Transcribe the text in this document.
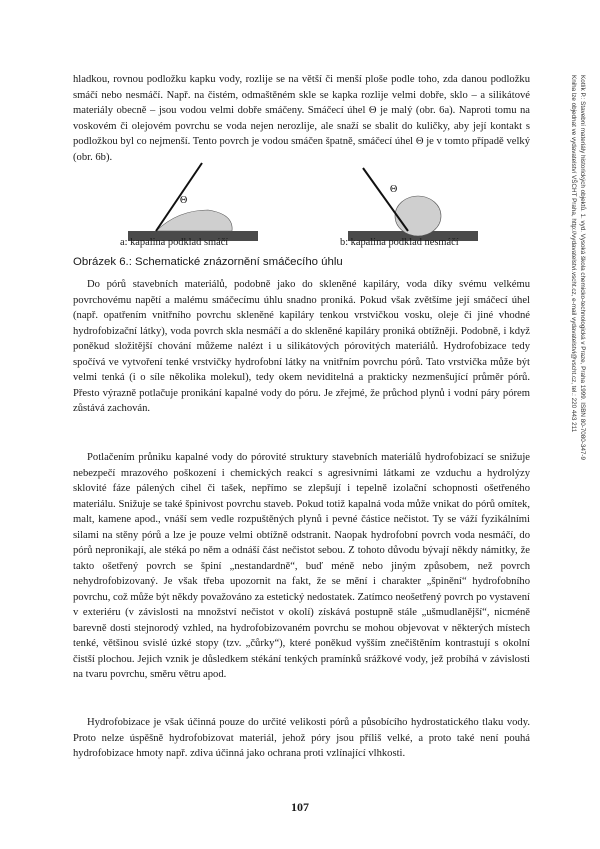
hladkou, rovnou podložku kapku vody, rozlije se na větší či menší ploše podle toho, zda danou podložku smáčí nebo nesmáčí. Např. na čistém, odmaštěném skle se kapka rozlije velmi dobře, sklo – a silikátové materiály obecně – jsou vodou velmi dobře smáčeny. Smáčecí úhel Θ je malý (obr. 6a). Naproti tomu na voskovém či olejovém povrchu se voda nejen nerozlije, ale snaží se sbalit do kuličky, aby její kontakt s podložkou byl co nejmenší. Tento povrch je vodou smáčen špatně, smáčecí úhel Θ je v tomto případě velký (obr. 6b).

Θ
Θ
a: kapalina podklad smáčí	b: kapalina podklad nesmáčí
Obrázek 6.: Schematické znázornění smáčecího úhlu

Do pórů stavebních materiálů, podobně jako do skleněné kapiláry, voda díky svému velkému povrchovému napětí a malému smáčecímu úhlu snadno proniká. Pokud však zvětšíme její smáčecí úhel (např. opatřením vnitřního povrchu skleněné kapiláry tenkou vrstvičkou vosku, oleje či jiné vhodné hydrofobizační látky), voda povrch skla nesmáčí a do skleněné kapiláry proniká obtížněji. Podobně, i když poněkud složitější chování můžeme nalézt i u silikátových pórovitých materiálů. Hydrofobizace tedy spočívá ve vytvoření tenké vrstvičky hydrofobní látky na vnitřním povrchu pórů. Tato vrstvička může být velmi tenká (i o síle několika molekul), tedy okem neviditelná a prakticky nezmenšující průměr pórů. Přesto výrazně potlačuje pronikání kapalné vody do póru. Je zřejmé, že průchod plynů i vodní páry pórem zůstává zachován.

Potlačením průniku kapalné vody do pórovité struktury stavebních materiálů hydrofobizací se snižuje nebezpečí mrazového poškození i chemických reakcí s agresivními látkami ze vzduchu a hydrolýzy sklovité fáze pálených cihel či tašek, nepřímo se zlepšují i tepelně izolační schopnosti ošetřeného materiálu. Snižuje se také špinivost povrchu staveb. Pokud totiž kapalná voda může vnikat do pórů omítek, malt, kamene apod., vnáší sem vedle rozpuštěných plynů i pevné částice nečistot. Ty se váží fyzikálními silami na stěny pórů a lze je pouze velmi obtížně odstranit. Naopak hydrofobní povrch voda nesmáčí, do pórů nepronikají, ale stéká po něm a odnáší část nečistot sebou. Z tohoto důvodu bývají někdy námitky, že takto ošetřený povrch se špiní „nestandardně“, buď méně nebo jiným způsobem, než povrch nehydrofobizovaný. Je však třeba upozornit na fakt, že se mění i charakter „špinění“ hydrofobního povrchu, což může být někdy považováno za estetický nedostatek. Zatímco neošetřený povrch po vystavení v exteriéru (v závislosti na množství nečistot v okolí) získává postupně stále „ušmudlanější“, nicméně barevně dosti stejnorodý vzhled, na hydrofobizovaném povrchu se mohou objevovat v některých místech tenké, většinou svislé úzké stopy (tzv. „čůrky“), které poněkud vyšším znečištěním kontrastují s okolní čistší plochou. Jejich vznik je důsledkem stékání tenkých pramínků srážkové vody, jež probíhá v závislosti na tvaru povrchu, směru větru apod.

Hydrofobizace je však účinná pouze do určité velikosti pórů a působícího hydrostatického tlaku vody. Proto nelze úspěšně hydrofobizovat materiál, jehož póry jsou příliš velké, a proto také není pouhá hydrofobizace hmoty např. zdiva účinná jako ochrana proti vzlínající vlhkosti.

107
Kotlík P.: Stavební materiály historických objektů. 1. vyd. Vysoká škola chemicko-technologická v Praze, Praha 1999. ISBN 80-7080-347-9
Kniha lze objednat ve vydavatelství VŠCHT Praha, http://vydavatelstvi.vscht.cz, e-mail vydavatelstvi@vscht.cz, tel.: 220 443 211
